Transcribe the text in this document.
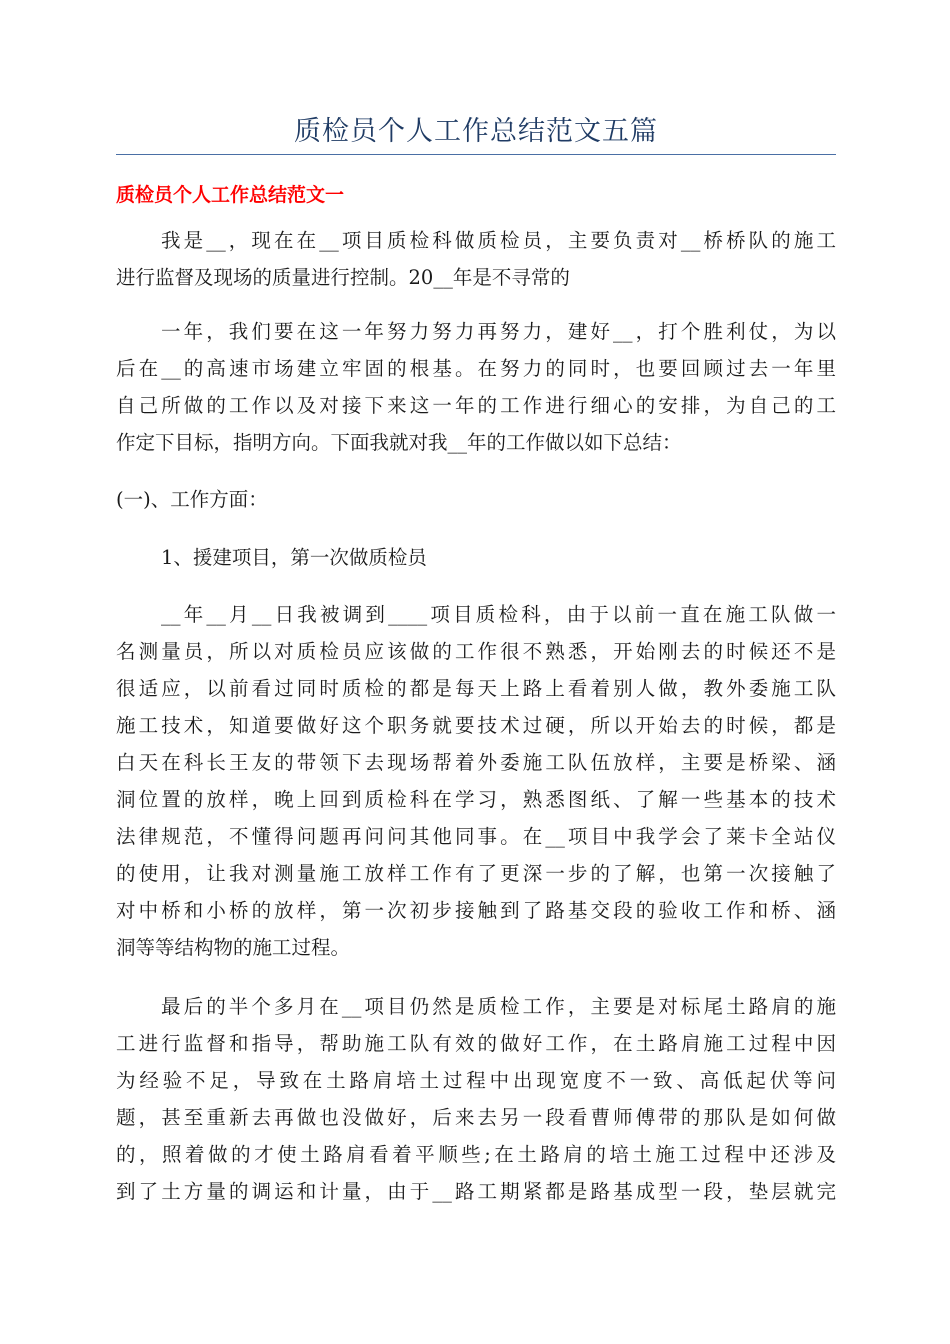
质检员个人工作总结范文五篇
质检员个人工作总结范文一
我是__，现在在__项目质检科做质检员，主要负责对__桥桥队的施工
进行监督及现场的质量进行控制。20__年是不寻常的
一年，我们要在这一年努力努力再努力，建好__，打个胜利仗，为以
后在__的高速市场建立牢固的根基。在努力的同时，也要回顾过去一年里
自己所做的工作以及对接下来这一年的工作进行细心的安排，为自己的工
作定下目标，指明方向。下面我就对我__年的工作做以如下总结：
(一)、工作方面：
1、援建项目，第一次做质检员
__年__月__日我被调到____项目质检科，由于以前一直在施工队做一
名测量员，所以对质检员应该做的工作很不熟悉，开始刚去的时候还不是
很适应，以前看过同时质检的都是每天上路上看着别人做，教外委施工队
施工技术，知道要做好这个职务就要技术过硬，所以开始去的时候，都是
白天在科长王友的带领下去现场帮着外委施工队伍放样，主要是桥梁、涵
洞位置的放样，晚上回到质检科在学习，熟悉图纸、了解一些基本的技术
法律规范，不懂得问题再问问其他同事。在__项目中我学会了莱卡全站仪
的使用，让我对测量施工放样工作有了更深一步的了解，也第一次接触了
对中桥和小桥的放样，第一次初步接触到了路基交段的验收工作和桥、涵
洞等等结构物的施工过程。
最后的半个多月在__项目仍然是质检工作，主要是对标尾土路肩的施
工进行监督和指导，帮助施工队有效的做好工作，在土路肩施工过程中因
为经验不足，导致在土路肩培土过程中出现宽度不一致、高低起伏等问
题，甚至重新去再做也没做好，后来去另一段看曹师傅带的那队是如何做
的，照着做的才使土路肩看着平顺些;在土路肩的培土施工过程中还涉及
到了土方量的调运和计量，由于__路工期紧都是路基成型一段，垫层就完
